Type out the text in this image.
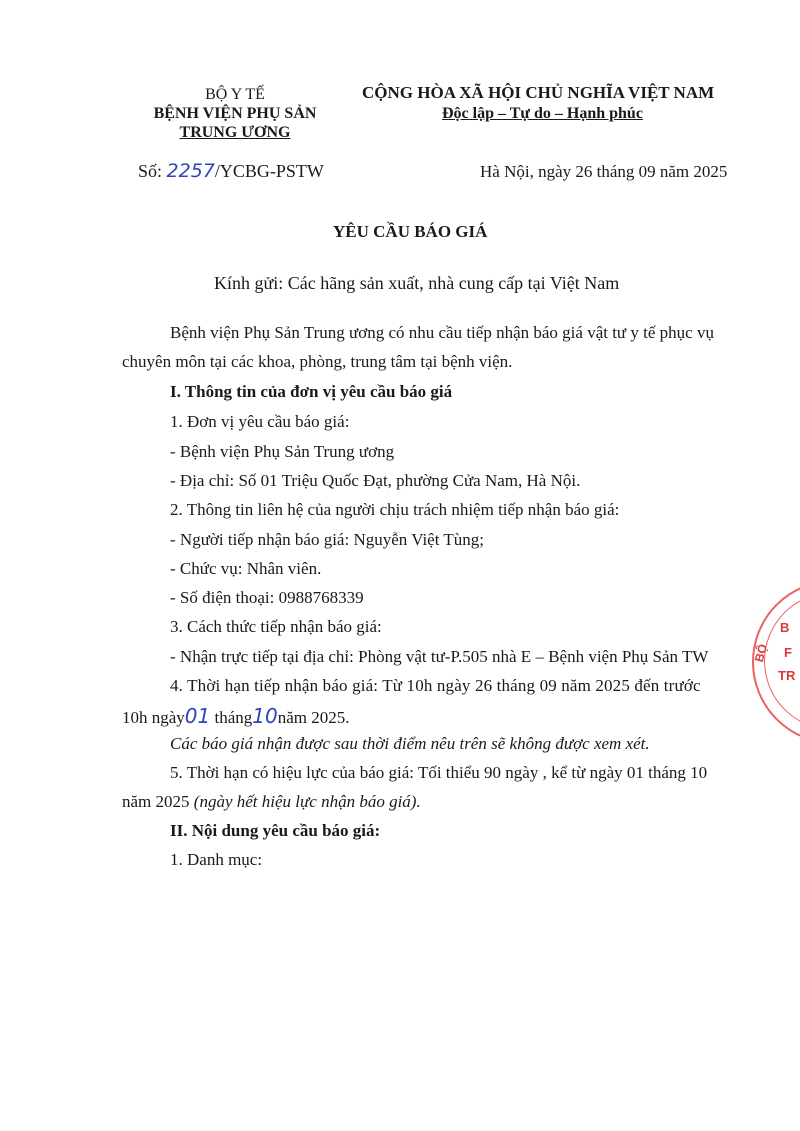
BỘ Y TẾ
BỆNH VIỆN PHỤ SẢN
TRUNG ƯƠNG
CỘNG HÒA XÃ HỘI CHỦ NGHĨA VIỆT NAM
Độc lập – Tự do – Hạnh phúc
Số: 2257/YCBG-PSTW	Hà Nội, ngày 26 tháng 09 năm 2025
YÊU CẦU BÁO GIÁ
Kính gửi: Các hãng sản xuất, nhà cung cấp tại Việt Nam
Bệnh viện Phụ Sản Trung ương có nhu cầu tiếp nhận báo giá vật tư y tế phục vụ
chuyên môn tại các khoa, phòng, trung tâm tại bệnh viện.
I. Thông tin của đơn vị yêu cầu báo giá
1. Đơn vị yêu cầu báo giá:
- Bệnh viện Phụ Sản Trung ương
- Địa chỉ: Số 01 Triệu Quốc Đạt, phường Cửa Nam, Hà Nội.
2. Thông tin liên hệ của người chịu trách nhiệm tiếp nhận báo giá:
- Người tiếp nhận báo giá: Nguyễn Việt Tùng;
- Chức vụ: Nhân viên.
- Số điện thoại: 0988768339
3. Cách thức tiếp nhận báo giá:
- Nhận trực tiếp tại địa chỉ: Phòng vật tư-P.505 nhà E – Bệnh viện Phụ Sản TW
4. Thời hạn tiếp nhận báo giá: Từ 10h ngày 26 tháng 09 năm 2025 đến trước
10h ngày01 tháng10năm 2025.
Các báo giá nhận được sau thời điểm nêu trên sẽ không được xem xét.
5. Thời hạn có hiệu lực của báo giá: Tối thiểu 90 ngày , kể từ ngày 01 tháng 10
năm 2025 (ngày hết hiệu lực nhận báo giá).
II. Nội dung yêu cầu báo giá:
1. Danh mục:
B
F
TR
BỘ
